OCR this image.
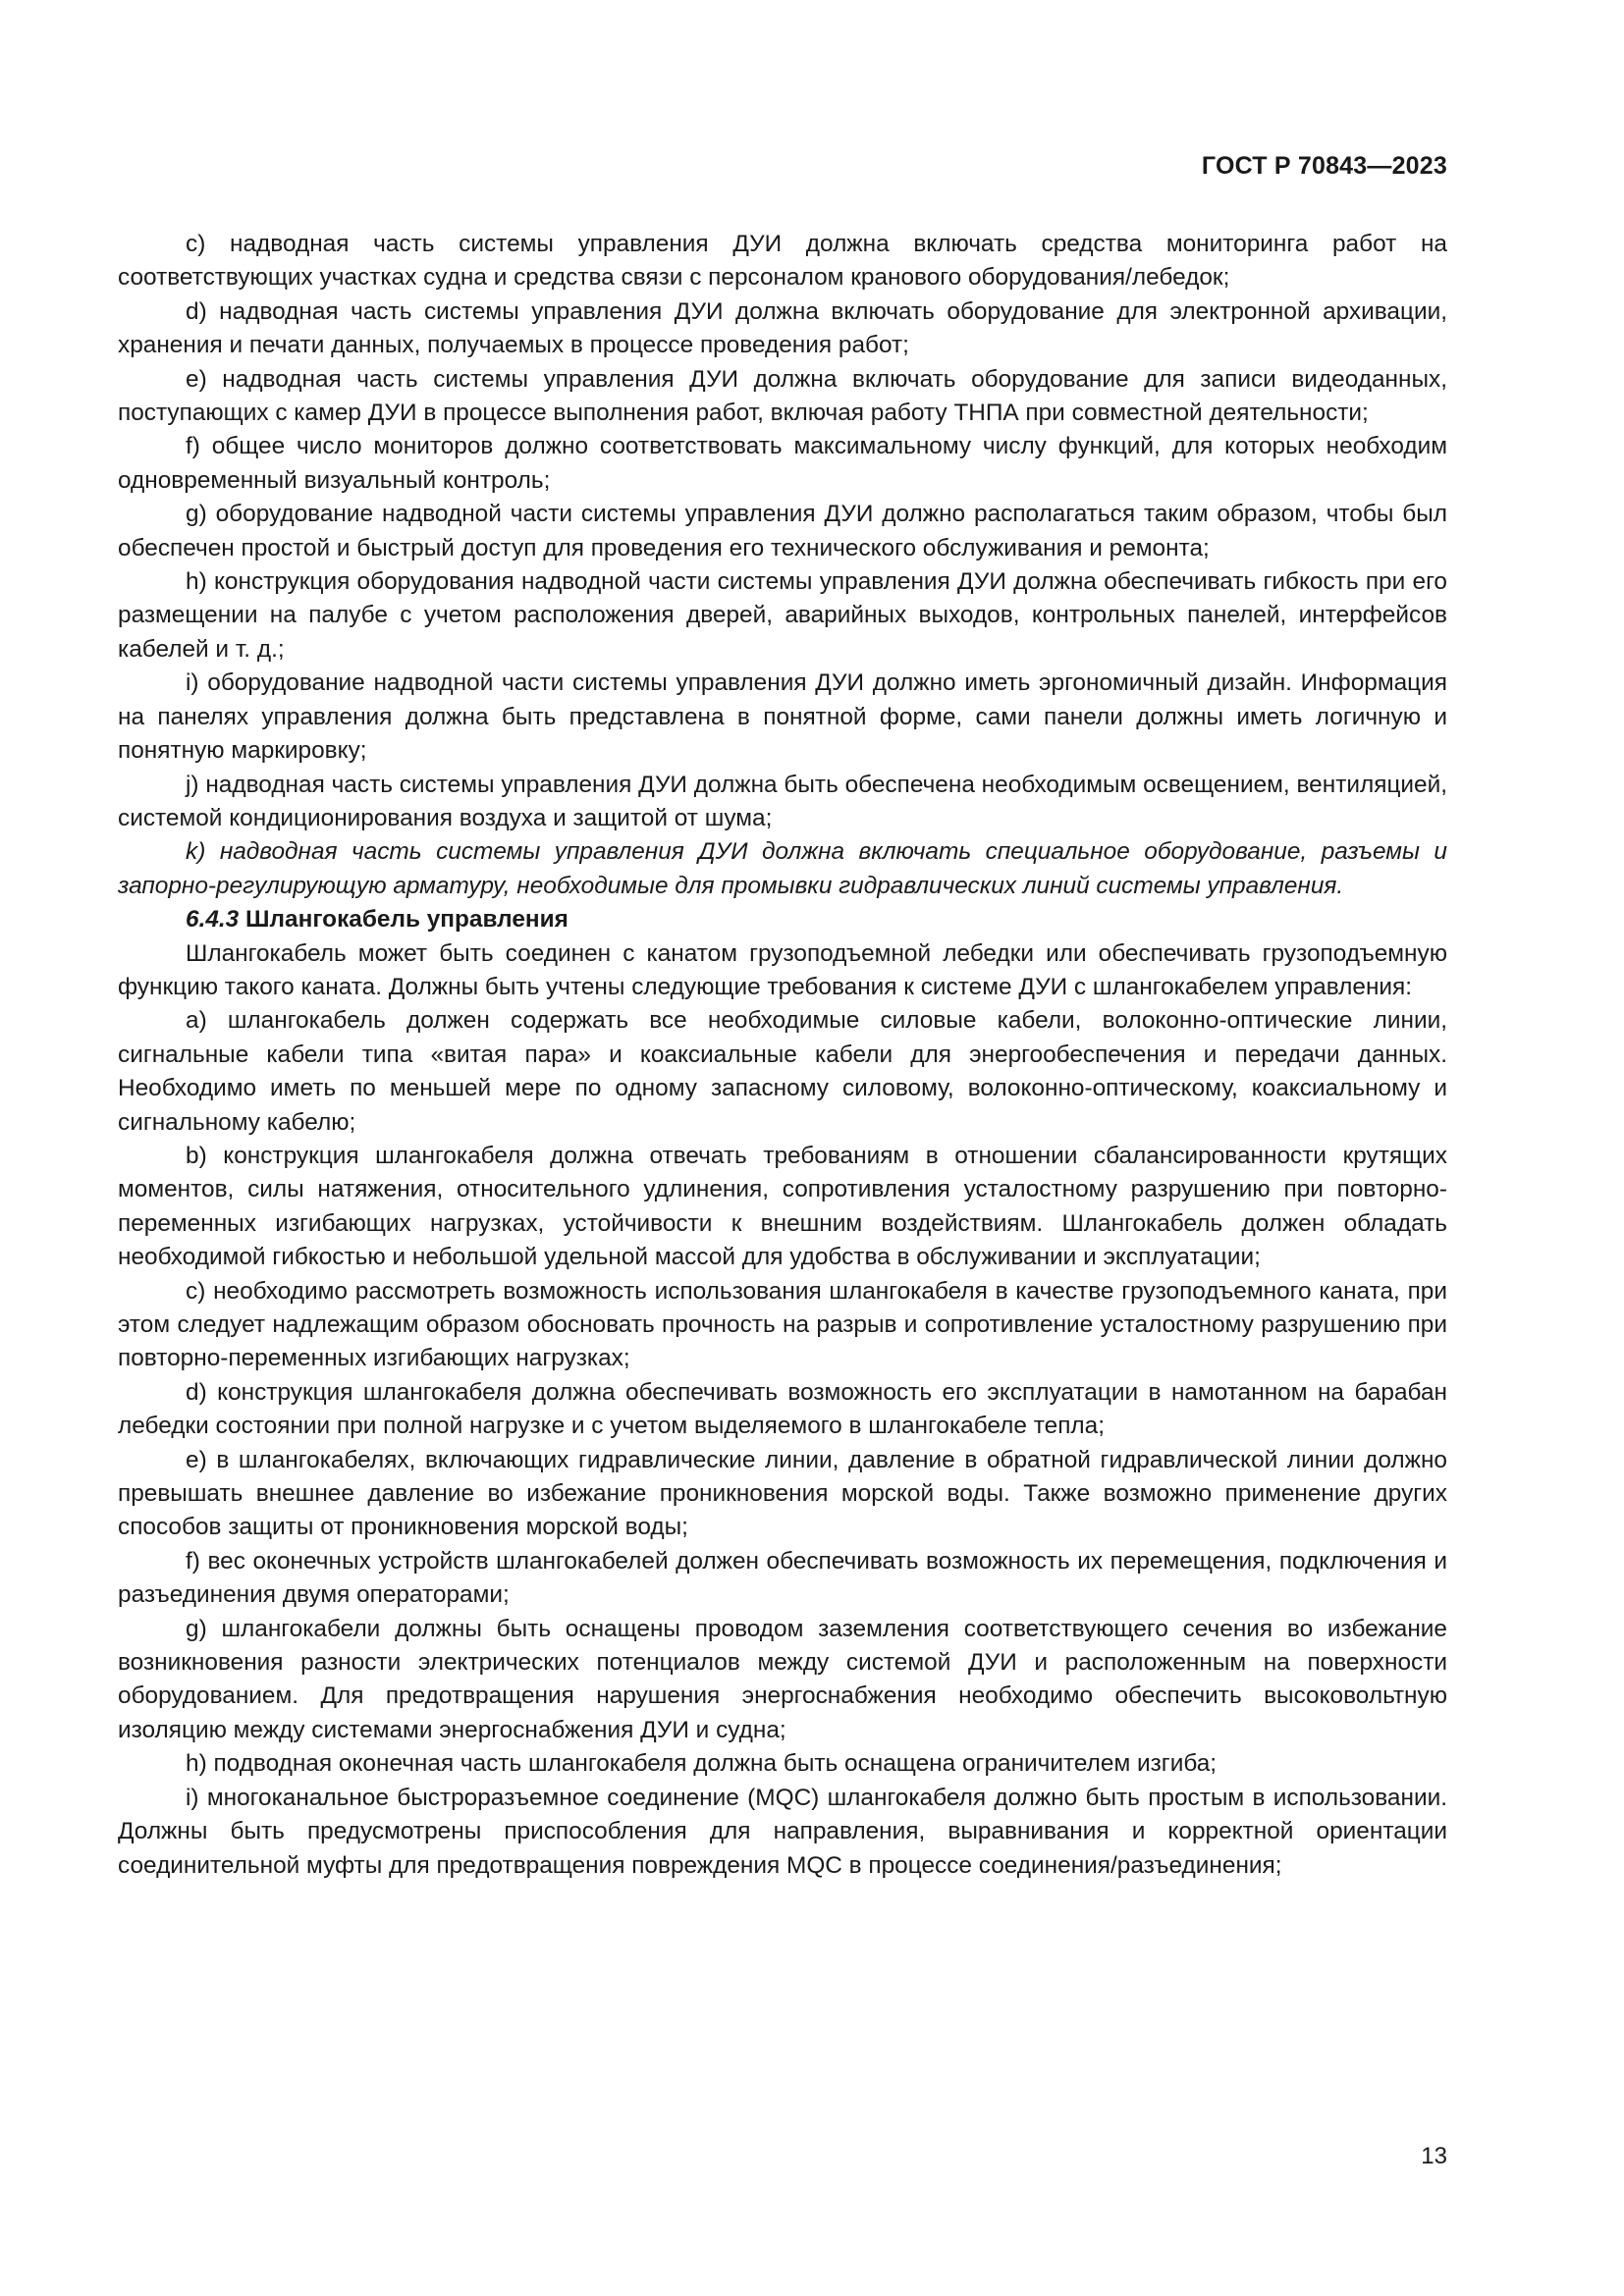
ГОСТ Р 70843—2023

c) надводная часть системы управления ДУИ должна включать средства мониторинга работ на соответствующих участках судна и средства связи с персоналом кранового оборудования/лебедок;

d) надводная часть системы управления ДУИ должна включать оборудование для электронной архивации, хранения и печати данных, получаемых в процессе проведения работ;

e) надводная часть системы управления ДУИ должна включать оборудование для записи видеоданных, поступающих с камер ДУИ в процессе выполнения работ, включая работу ТНПА при совместной деятельности;

f) общее число мониторов должно соответствовать максимальному числу функций, для которых необходим одновременный визуальный контроль;

g) оборудование надводной части системы управления ДУИ должно располагаться таким образом, чтобы был обеспечен простой и быстрый доступ для проведения его технического обслуживания и ремонта;

h) конструкция оборудования надводной части системы управления ДУИ должна обеспечивать гибкость при его размещении на палубе с учетом расположения дверей, аварийных выходов, контрольных панелей, интерфейсов кабелей и т. д.;

i) оборудование надводной части системы управления ДУИ должно иметь эргономичный дизайн. Информация на панелях управления должна быть представлена в понятной форме, сами панели должны иметь логичную и понятную маркировку;

j) надводная часть системы управления ДУИ должна быть обеспечена необходимым освещением, вентиляцией, системой кондиционирования воздуха и защитой от шума;

k) надводная часть системы управления ДУИ должна включать специальное оборудование, разъемы и запорно-регулирующую арматуру, необходимые для промывки гидравлических линий системы управления.

6.4.3 Шлангокабель управления

Шлангокабель может быть соединен с канатом грузоподъемной лебедки или обеспечивать грузоподъемную функцию такого каната. Должны быть учтены следующие требования к системе ДУИ с шлангокабелем управления:

а) шлангокабель должен содержать все необходимые силовые кабели, волоконно-оптические линии, сигнальные кабели типа «витая пара» и коаксиальные кабели для энергообеспечения и передачи данных. Необходимо иметь по меньшей мере по одному запасному силовому, волоконно-оптическому, коаксиальному и сигнальному кабелю;

b) конструкция шлангокабеля должна отвечать требованиям в отношении сбалансированности крутящих моментов, силы натяжения, относительного удлинения, сопротивления усталостному разрушению при повторно-переменных изгибающих нагрузках, устойчивости к внешним воздействиям. Шлангокабель должен обладать необходимой гибкостью и небольшой удельной массой для удобства в обслуживании и эксплуатации;

c) необходимо рассмотреть возможность использования шлангокабеля в качестве грузоподъемного каната, при этом следует надлежащим образом обосновать прочность на разрыв и сопротивление усталостному разрушению при повторно-переменных изгибающих нагрузках;

d) конструкция шлангокабеля должна обеспечивать возможность его эксплуатации в намотанном на барабан лебедки состоянии при полной нагрузке и с учетом выделяемого в шлангокабеле тепла;

e) в шлангокабелях, включающих гидравлические линии, давление в обратной гидравлической линии должно превышать внешнее давление во избежание проникновения морской воды. Также возможно применение других способов защиты от проникновения морской воды;

f) вес оконечных устройств шлангокабелей должен обеспечивать возможность их перемещения, подключения и разъединения двумя операторами;

g) шлангокабели должны быть оснащены проводом заземления соответствующего сечения во избежание возникновения разности электрических потенциалов между системой ДУИ и расположенным на поверхности оборудованием. Для предотвращения нарушения энергоснабжения необходимо обеспечить высоковольтную изоляцию между системами энергоснабжения ДУИ и судна;

h) подводная оконечная часть шлангокабеля должна быть оснащена ограничителем изгиба;

i) многоканальное быстроразъемное соединение (MQC) шлангокабеля должно быть простым в использовании. Должны быть предусмотрены приспособления для направления, выравнивания и корректной ориентации соединительной муфты для предотвращения повреждения MQC в процессе соединения/разъединения;

13
